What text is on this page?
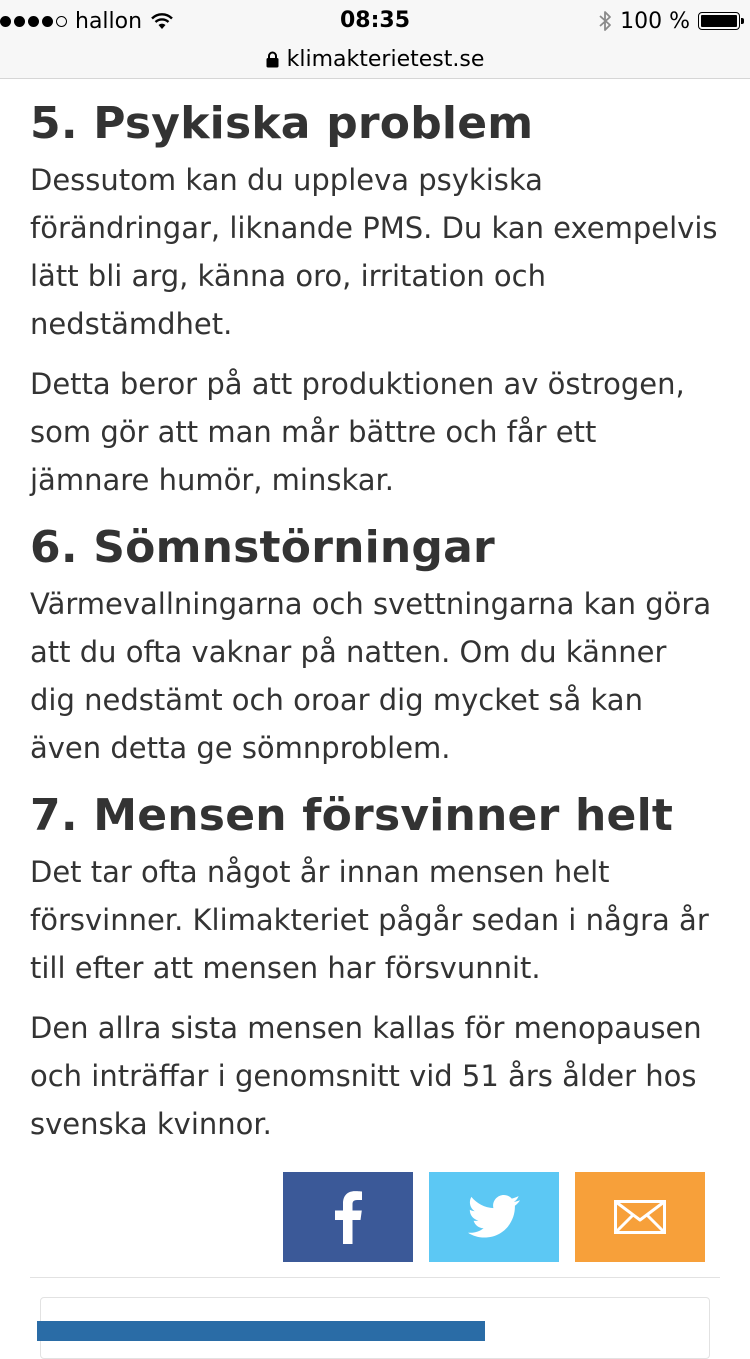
hallon	08:35	100 %
klimakterietest.se
5. Psykiska problem

Dessutom kan du uppleva psykiska förändringar, liknande PMS. Du kan exempelvis lätt bli arg, känna oro, irritation och nedstämdhet.

Detta beror på att produktionen av östrogen, som gör att man mår bättre och får ett jämnare humör, minskar.

6. Sömnstörningar

Värmevallningarna och svettningarna kan göra att du ofta vaknar på natten. Om du känner dig nedstämt och oroar dig mycket så kan även detta ge sömnproblem.

7. Mensen försvinner helt

Det tar ofta något år innan mensen helt försvinner. Klimakteriet pågår sedan i några år till efter att mensen har försvunnit.

Den allra sista mensen kallas för menopausen och inträffar i genomsnitt vid 51 års ålder hos svenska kvinnor.
